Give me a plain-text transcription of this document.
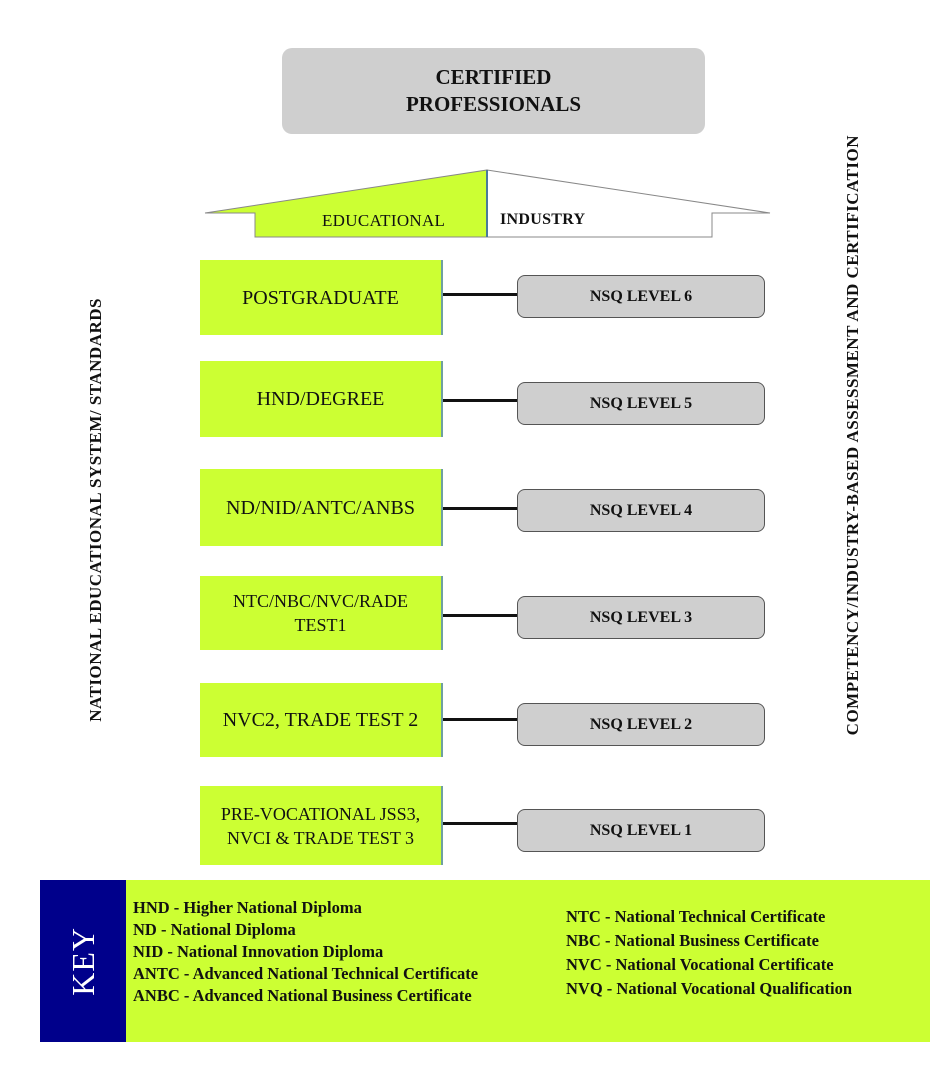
CERTIFIED
PROFESSIONALS
EDUCATIONAL	INDUSTRY
POSTGRADUATE	NSQ LEVEL 6
HND/DEGREE	NSQ LEVEL 5
ND/NID/ANTC/ANBS	NSQ LEVEL 4
NTC/NBC/NVC/RADE
TEST1	NSQ LEVEL 3
NVC2, TRADE TEST 2	NSQ LEVEL 2
PRE-VOCATIONAL JSS3,
NVCI & TRADE TEST 3	NSQ LEVEL 1
NATIONAL EDUCATIONAL SYSTEM/ STANDARDS	COMPETENCY/INDUSTRY-BASED ASSESSMENT AND CERTIFICATION
KEY
HND - Higher National Diploma
ND - National Diploma
NID - National Innovation Diploma
ANTC - Advanced National Technical Certificate
ANBC - Advanced National Business Certificate
NTC - National Technical Certificate
NBC - National Business Certificate
NVC - National Vocational Certificate
NVQ - National Vocational Qualification
